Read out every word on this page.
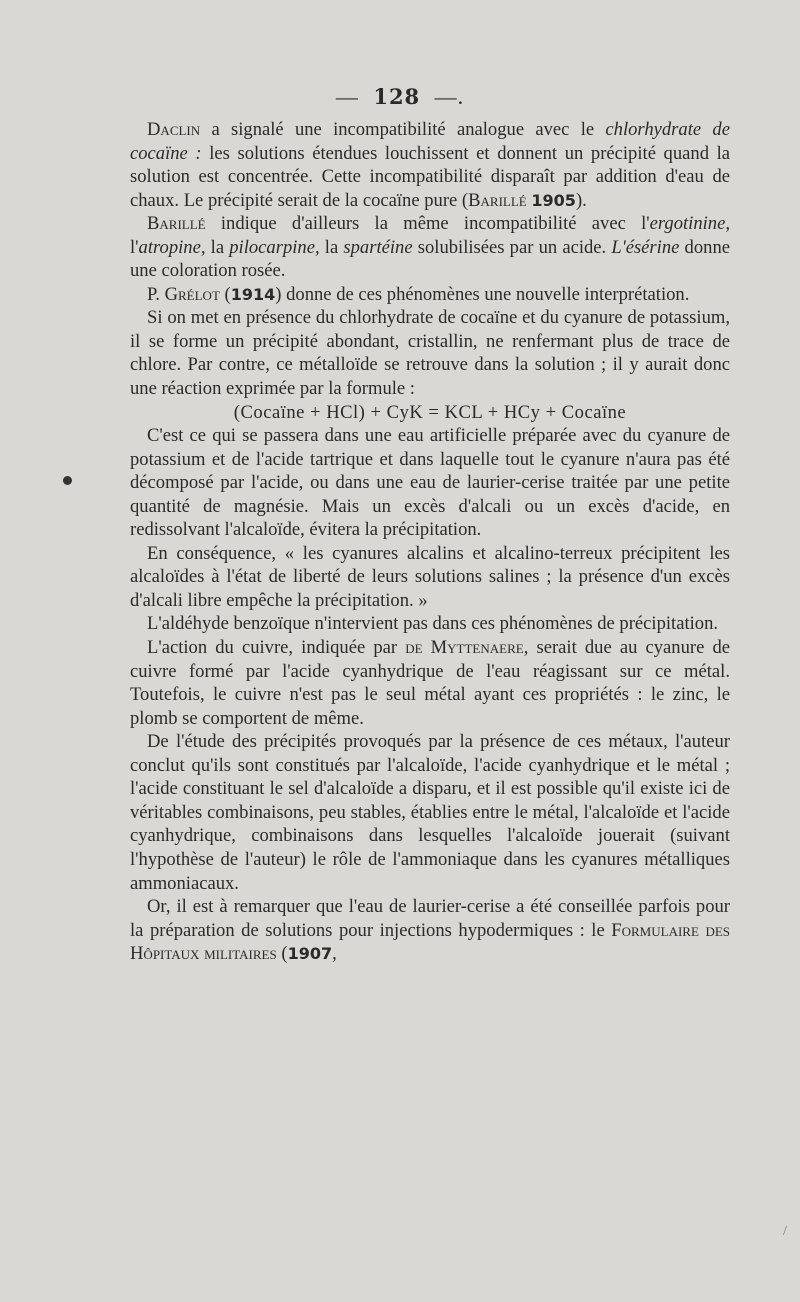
— 128 —.

Daclin a signalé une incompatibilité analogue avec le chlorhydrate de cocaïne : les solutions étendues louchissent et donnent un précipité quand la solution est concentrée. Cette incompatibilité disparaît par addition d'eau de chaux. Le précipité serait de la cocaïne pure (Barillé 1905).

Barillé indique d'ailleurs la même incompatibilité avec l'ergotinine, l'atropine, la pilocarpine, la spartéine solubilisées par un acide. L'ésérine donne une coloration rosée.

P. Grélot (1914) donne de ces phénomènes une nouvelle interprétation.

Si on met en présence du chlorhydrate de cocaïne et du cyanure de potassium, il se forme un précipité abondant, cristallin, ne renfermant plus de trace de chlore. Par contre, ce métalloïde se retrouve dans la solution ; il y aurait donc une réaction exprimée par la formule :

(Cocaïne + HCl) + CyK = KCL + HCy + Cocaïne

C'est ce qui se passera dans une eau artificielle préparée avec du cyanure de potassium et de l'acide tartrique et dans laquelle tout le cyanure n'aura pas été décomposé par l'acide, ou dans une eau de laurier-cerise traitée par une petite quantité de magnésie. Mais un excès d'alcali ou un excès d'acide, en redissolvant l'alcaloïde, évitera la précipitation.

En conséquence, « les cyanures alcalins et alcalino-terreux précipitent les alcaloïdes à l'état de liberté de leurs solutions salines ; la présence d'un excès d'alcali libre empêche la précipitation. »

L'aldéhyde benzoïque n'intervient pas dans ces phénomènes de précipitation.

L'action du cuivre, indiquée par de Myttenaere, serait due au cyanure de cuivre formé par l'acide cyanhydrique de l'eau réagissant sur ce métal. Toutefois, le cuivre n'est pas le seul métal ayant ces propriétés : le zinc, le plomb se comportent de même.

De l'étude des précipités provoqués par la présence de ces métaux, l'auteur conclut qu'ils sont constitués par l'alcaloïde, l'acide cyanhydrique et le métal ; l'acide constituant le sel d'alcaloïde a disparu, et il est possible qu'il existe ici de véritables combinaisons, peu stables, établies entre le métal, l'alcaloïde et l'acide cyanhydrique, combinaisons dans lesquelles l'alcaloïde jouerait (suivant l'hypothèse de l'auteur) le rôle de l'ammoniaque dans les cyanures métalliques ammoniacaux.

Or, il est à remarquer que l'eau de laurier-cerise a été conseillée parfois pour la préparation de solutions pour injections hypodermiques : le Formulaire des Hôpitaux militaires (1907,

/
